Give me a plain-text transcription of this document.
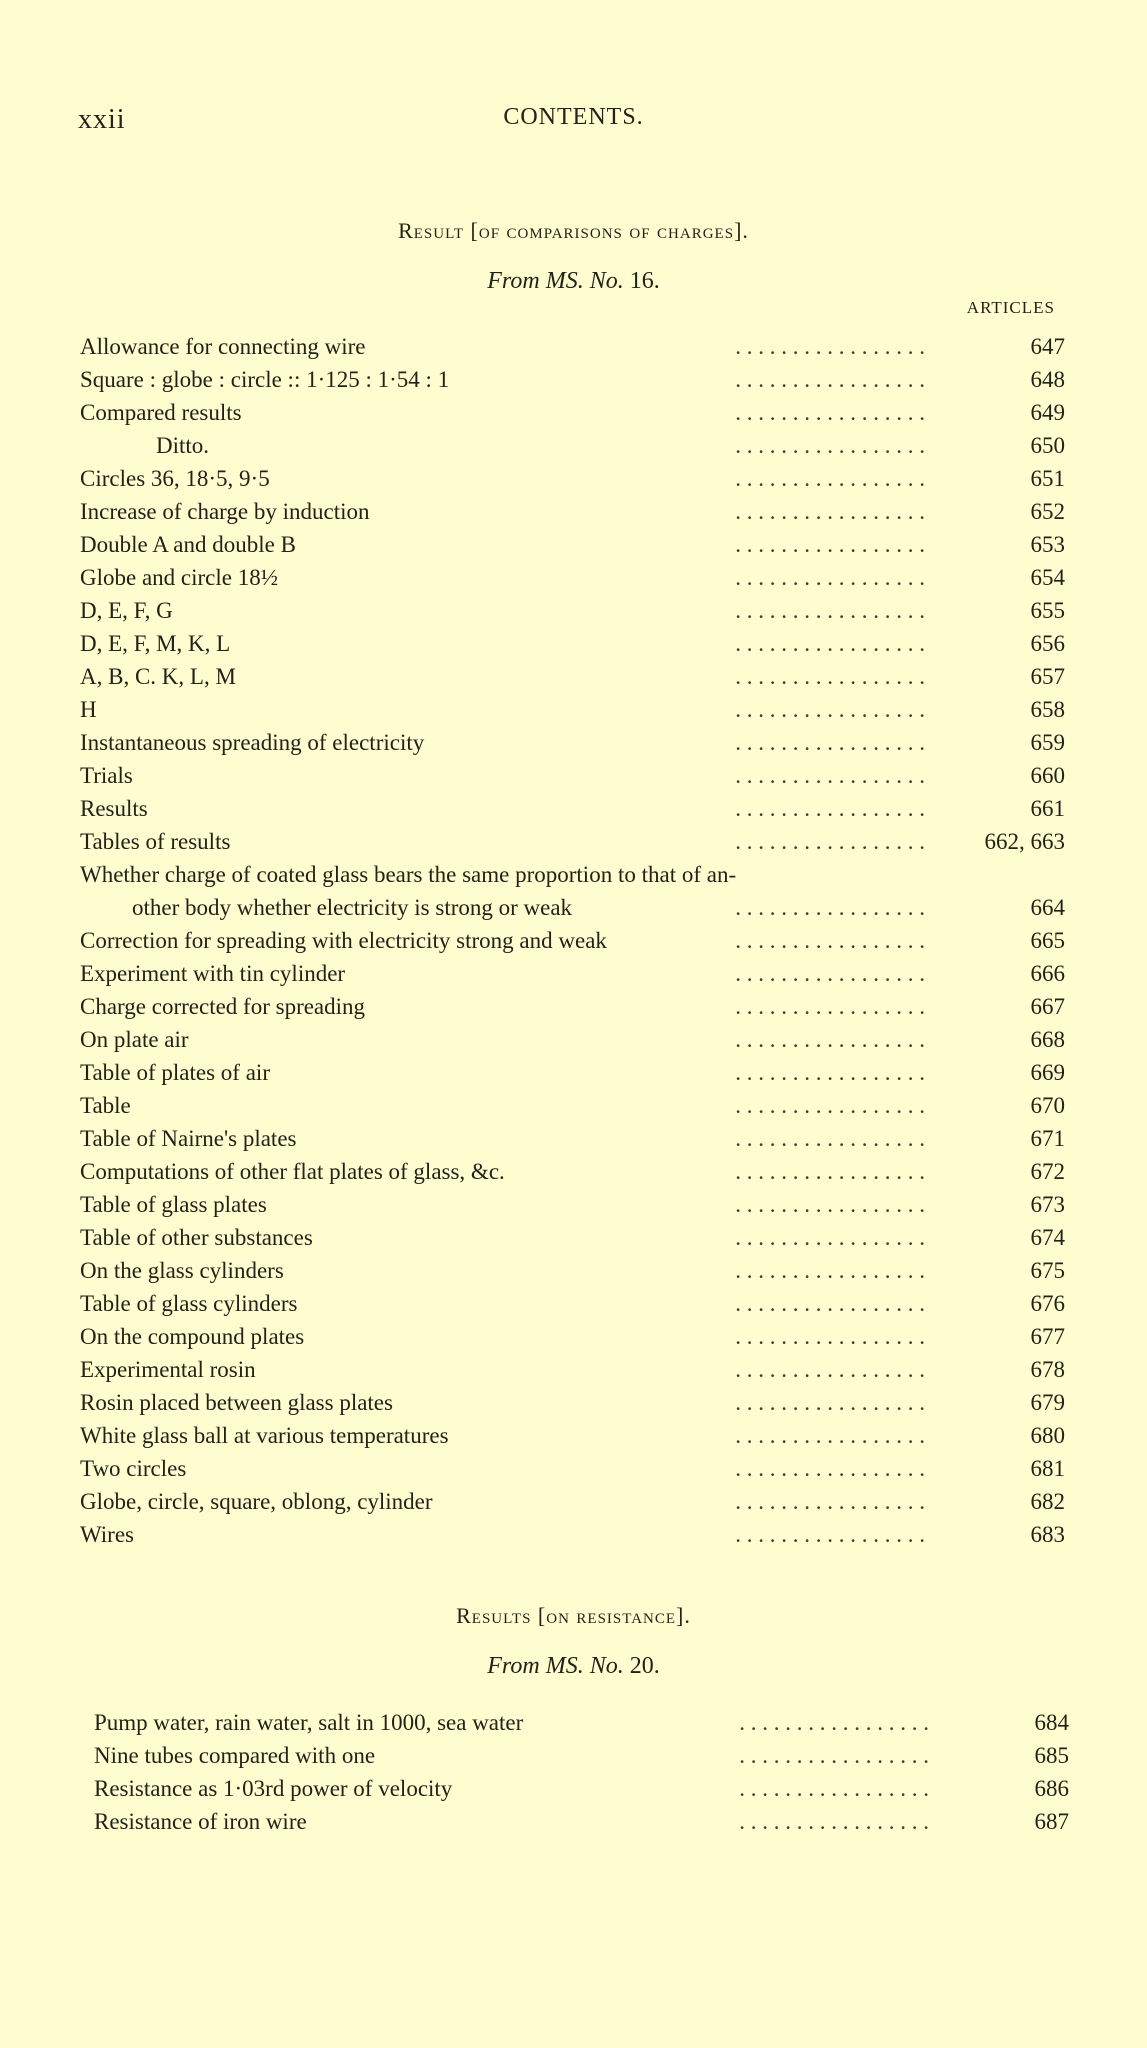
xxii	CONTENTS.
Result [of comparisons of charges].
From MS. No. 16.
ARTICLES
Allowance for connecting wire	. . . . . . . . . . . . . . . . .	647
Square : globe : circle :: 1·125 : 1·54 : 1	. . . . . . . . . . . . . . . . .	648
Compared results	. . . . . . . . . . . . . . . . .	649
Ditto.	. . . . . . . . . . . . . . . . .	650
Circles 36, 18·5, 9·5	. . . . . . . . . . . . . . . . .	651
Increase of charge by induction	. . . . . . . . . . . . . . . . .	652
Double A and double B	. . . . . . . . . . . . . . . . .	653
Globe and circle 18½	. . . . . . . . . . . . . . . . .	654
D, E, F, G	. . . . . . . . . . . . . . . . .	655
D, E, F, M, K, L	. . . . . . . . . . . . . . . . .	656
A, B, C. K, L, M	. . . . . . . . . . . . . . . . .	657
H	. . . . . . . . . . . . . . . . .	658
Instantaneous spreading of electricity	. . . . . . . . . . . . . . . . .	659
Trials	. . . . . . . . . . . . . . . . .	660
Results	. . . . . . . . . . . . . . . . .	661
Tables of results	. . . . . . . . . . . . . . . . .	662, 663
Whether charge of coated glass bears the same proportion to that of an-
other body whether electricity is strong or weak	. . . . . . . . . . . . . . . . .	664
Correction for spreading with electricity strong and weak	. . . . . . . . . . . . . . . . .	665
Experiment with tin cylinder	. . . . . . . . . . . . . . . . .	666
Charge corrected for spreading	. . . . . . . . . . . . . . . . .	667
On plate air	. . . . . . . . . . . . . . . . .	668
Table of plates of air	. . . . . . . . . . . . . . . . .	669
Table	. . . . . . . . . . . . . . . . .	670
Table of Nairne's plates	. . . . . . . . . . . . . . . . .	671
Computations of other flat plates of glass, &c.	. . . . . . . . . . . . . . . . .	672
Table of glass plates	. . . . . . . . . . . . . . . . .	673
Table of other substances	. . . . . . . . . . . . . . . . .	674
On the glass cylinders	. . . . . . . . . . . . . . . . .	675
Table of glass cylinders	. . . . . . . . . . . . . . . . .	676
On the compound plates	. . . . . . . . . . . . . . . . .	677
Experimental rosin	. . . . . . . . . . . . . . . . .	678
Rosin placed between glass plates	. . . . . . . . . . . . . . . . .	679
White glass ball at various temperatures	. . . . . . . . . . . . . . . . .	680
Two circles	. . . . . . . . . . . . . . . . .	681
Globe, circle, square, oblong, cylinder	. . . . . . . . . . . . . . . . .	682
Wires	. . . . . . . . . . . . . . . . .	683
Results [on resistance].
From MS. No. 20.
Pump water, rain water, salt in 1000, sea water	. . . . . . . . . . . . . . . . .	684
Nine tubes compared with one	. . . . . . . . . . . . . . . . .	685
Resistance as 1·03rd power of velocity	. . . . . . . . . . . . . . . . .	686
Resistance of iron wire	. . . . . . . . . . . . . . . . .	687
